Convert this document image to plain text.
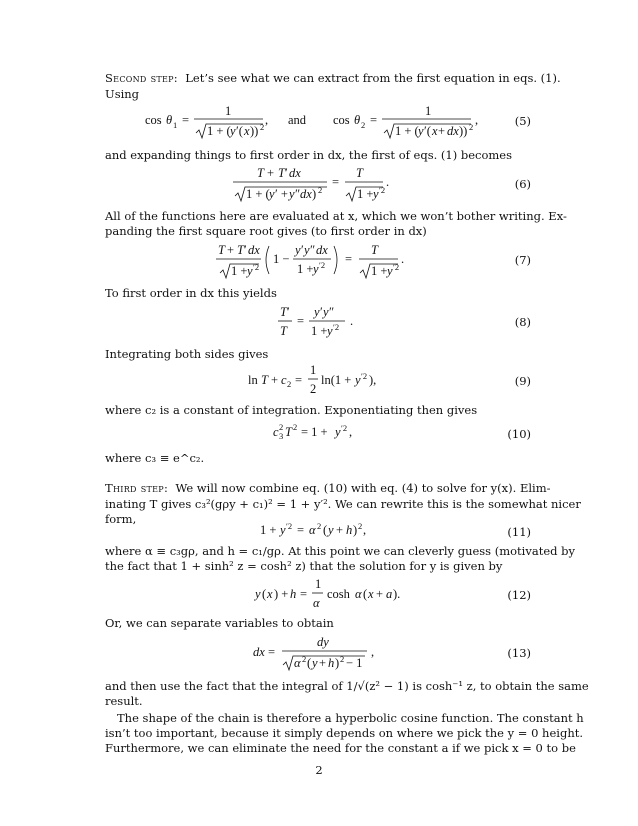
Second step: Let’s see what we can extract from the first equation in eqs. (1).
Using
cos θ 1 =
1
1 + ( y ′( x )) 2 , and cos θ 2 =
1
1 + ( y ′( x + dx )) 2 ,	(5)
and expanding things to first order in dx, the first of eqs. (1) becomes
T + T ′ dx
1 + ( y ′ + y ″ dx ) 2
=
T
1 + y ′2
.	(6)
All of the functions here are evaluated at x, which we won’t bother writing. Ex-
panding the first square root gives (to first order in dx)
T + T ′ dx
1 + y ′2
1 −
y ′ y ″ dx
1 + y ′2 =
T
1 + y ′2
.	(7)
To first order in dx this yields
T ′
T
=
y ′ y ″
1 + y ′2 .	(8)
Integrating both sides gives
ln T + c 2 =
1
2
ln(1 + y ′2 ),	(9)
where c₂ is a constant of integration. Exponentiating then gives
c 2
3 T 2 = 1 + y ′2 ,	(10)
where c₃ ≡ e^c₂.
Third step: We will now combine eq. (10) with eq. (4) to solve for y(x). Elim-
inating T gives c₃²(gρy + c₁)² = 1 + y′². We can rewrite this is the somewhat nicer
form,
1 + y ′2 = α 2 ( y + h ) 2 ,	(11)
where α ≡ c₃gρ, and h = c₁/gρ. At this point we can cleverly guess (motivated by
the fact that 1 + sinh² z = cosh² z) that the solution for y is given by
y ( x ) + h =
1
α
cosh α ( x + a ).	(12)
Or, we can separate variables to obtain
dx =
dy
α 2 ( y + h ) 2 − 1
,	(13)
and then use the fact that the integral of 1/√(z² − 1) is cosh⁻¹ z, to obtain the same
result.
The shape of the chain is therefore a hyperbolic cosine function. The constant h
isn’t too important, because it simply depends on where we pick the y = 0 height.
Furthermore, we can eliminate the need for the constant a if we pick x = 0 to be
2
